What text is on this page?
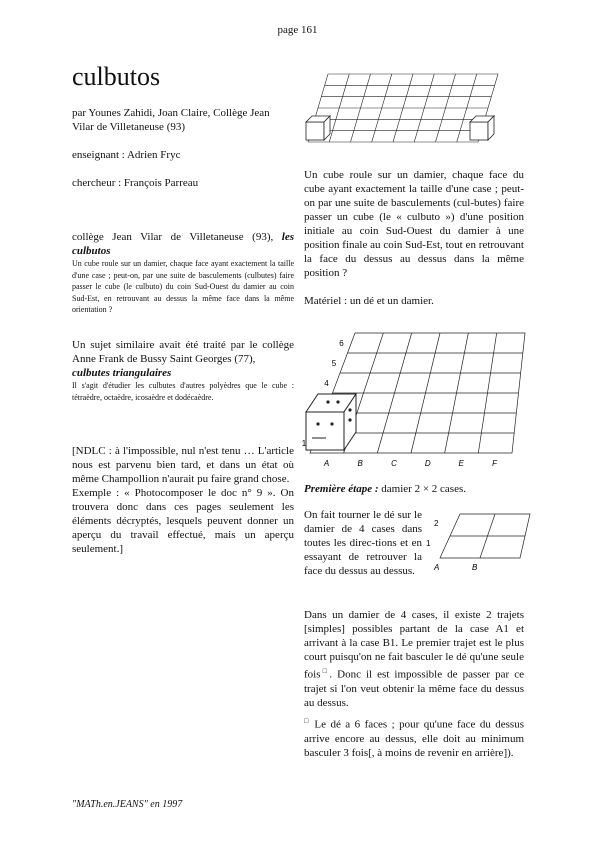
page 161
culbutos
par Younes Zahidi, Joan Claire, Collège Jean Vilar de Villetaneuse (93)
enseignant : Adrien Fryc
chercheur : François Parreau
collège Jean Vilar de Villetaneuse (93), les culbutos
Un cube roule sur un damier, chaque face ayant exactement la taille d'une case ; peut-on, par une suite de basculements (culbutes) faire passer le cube (le culbuto) du coin Sud-Ouest du damier au coin Sud-Est, en retrouvant au dessus la même face dans la même orientation ?
Un sujet similaire avait été traité par le collège Anne Frank de Bussy Saint Georges (77),
culbutes triangulaires
Il s'agit d'étudier les culbutes d'autres polyèdres que le cube : tétraèdre, octaèdre, icosaèdre et dodécaèdre.
[NDLC : à l'impossible, nul n'est tenu … L'article nous est parvenu bien tard, et dans un état où même Champollion n'aurait pu faire grand chose.
Exemple : « Photocomposer le doc n° 9 ». On trouvera donc dans ces pages seulement les éléments décryptés, lesquels peuvent donner un aperçu du travail effectué, mais un aperçu seulement.]
Un cube roule sur un damier, chaque face du cube ayant exactement la taille d'une case ; peut-on par une suite de basculements (cul-butes) faire passer un cube (le « culbuto ») d'une position initiale au coin Sud-Ouest du damier à une position finale au coin Sud-Est, tout en retrouvant la face du dessus au dessus dans la même position ?
Matériel : un dé et un damier.
1
4
5
6
A	B	C	D	E	F
Première étape : damier 2 × 2 cases.
On fait tourner le dé sur le damier de 4 cases dans toutes les direc-tions et en essayant de retrouver la face du dessus au dessus.
2
1
A	B
Dans un damier de 4 cases, il existe 2 trajets [simples] possibles partant de la case A1 et arrivant à la case B1. Le premier trajet est le plus court puisqu'on ne fait basculer le dé qu'une seule fois□. Donc il est impossible de passer par ce trajet si l'on veut obtenir la même face du dessus au dessus.
□ Le dé a 6 faces ; pour qu'une face du dessus arrive encore au dessus, elle doit au minimum basculer 3 fois[, à moins de revenir en arrière]).
"MATh.en.JEANS" en 1997
